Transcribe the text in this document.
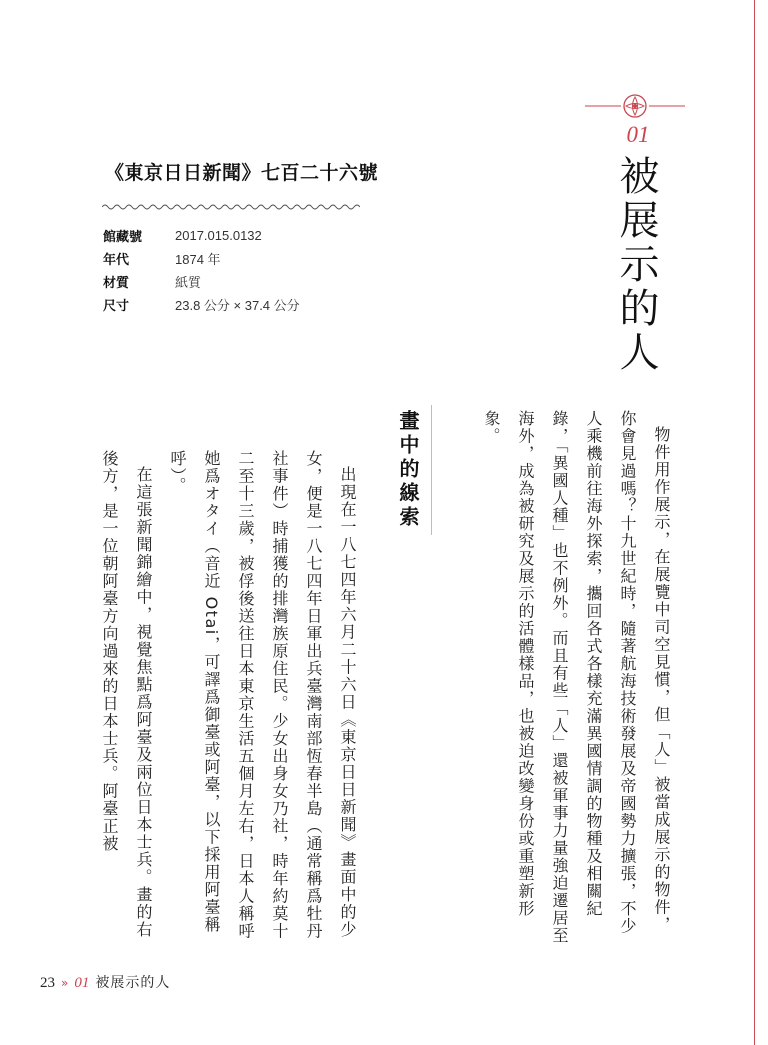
01
被展示的人
《東京日日新聞》七百二十六號
館藏號	2017.015.0132
年代	1874 年
材質	紙質
尺寸	23.8 公分 × 37.4 公分

物件用作展示，在展覽中司空見慣，但「人」被當成展示的物件，你會見過嗎？十九世紀時，隨著航海技術發展及帝國勢力擴張，不少人乘機前往海外探索，攜回各式各樣充滿異國情調的物種及相關紀錄，「異國人種」也不例外。而且有些「人」還被軍事力量強迫遷居至海外，成為被研究及展示的活體樣品，也被迫改變身份或重塑新形象。

畫中的線索

出現在一八七四年六月二十六日《東京日日新聞》畫面中的少女，便是一八七四年日軍出兵臺灣南部恆春半島（通常稱爲牡丹社事件）時捕獲的排灣族原住民。少女出身女乃社，時年約莫十二至十三歲，被俘後送往日本東京生活五個月左右，日本人稱呼她爲オタイ（音近 Otai，可譯爲御臺或阿臺，以下採用阿臺稱呼）。

在這張新聞錦繪中，視覺焦點爲阿臺及兩位日本士兵。畫的右後方，是一位朝阿臺方向過來的日本士兵。阿臺正被

23 » 01 被展示的人
